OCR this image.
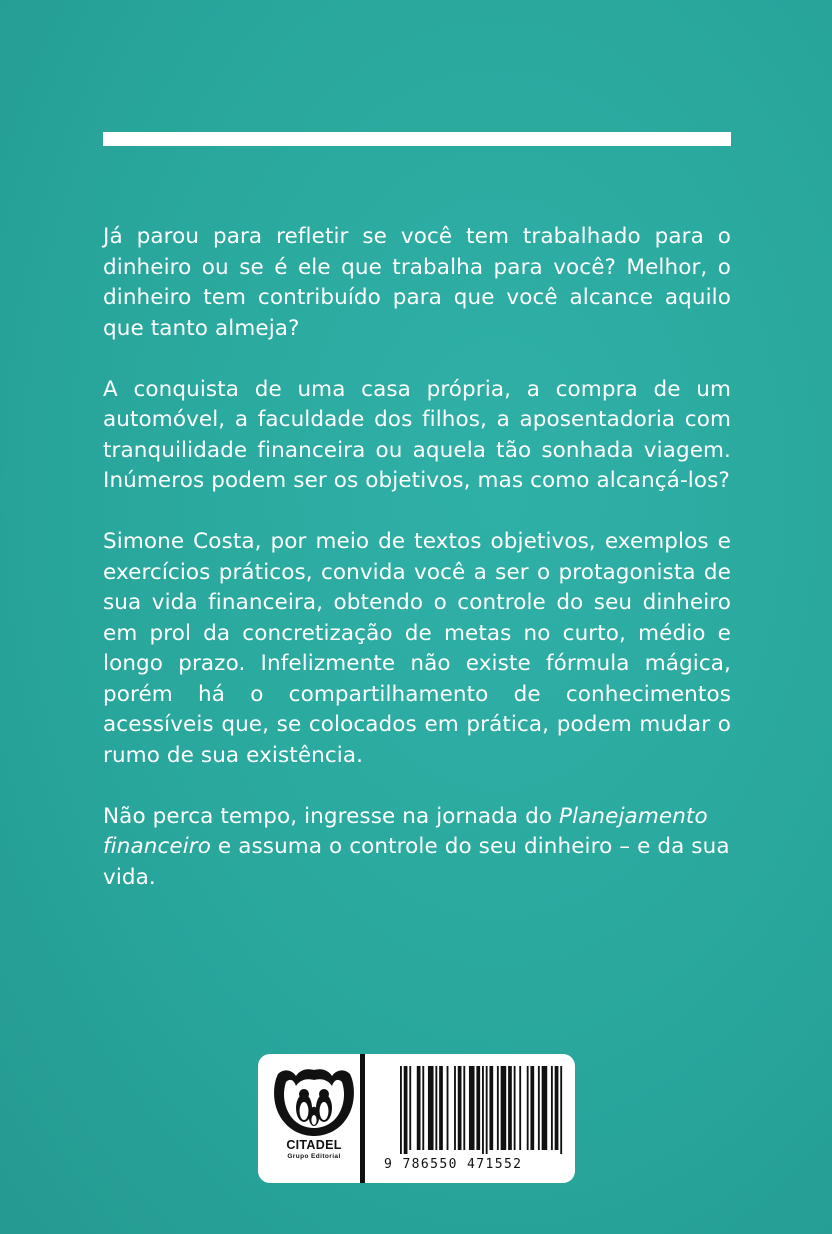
Já parou para refletir se você tem trabalhado para o dinheiro ou se é ele que trabalha para você? Melhor, o dinheiro tem contribuído para que você alcance aquilo que tanto almeja?

A conquista de uma casa própria, a compra de um automóvel, a faculdade dos filhos, a aposentadoria com tranquilidade financeira ou aquela tão sonhada viagem. Inúmeros podem ser os objetivos, mas como alcançá-los?

Simone Costa, por meio de textos objetivos, exemplos e exercícios práticos, convida você a ser o protagonista de sua vida financeira, obtendo o controle do seu dinheiro em prol da concretização de metas no curto, médio e longo prazo. Infelizmente não existe fórmula mágica, porém há o compartilhamento de conhecimentos acessíveis que, se colocados em prática, podem mudar o rumo de sua existência.

Não perca tempo, ingresse na jornada do Planejamento financeiro e assuma o controle do seu dinheiro – e da sua vida.

CITADEL
Grupo Editorial
9 786550 471552
